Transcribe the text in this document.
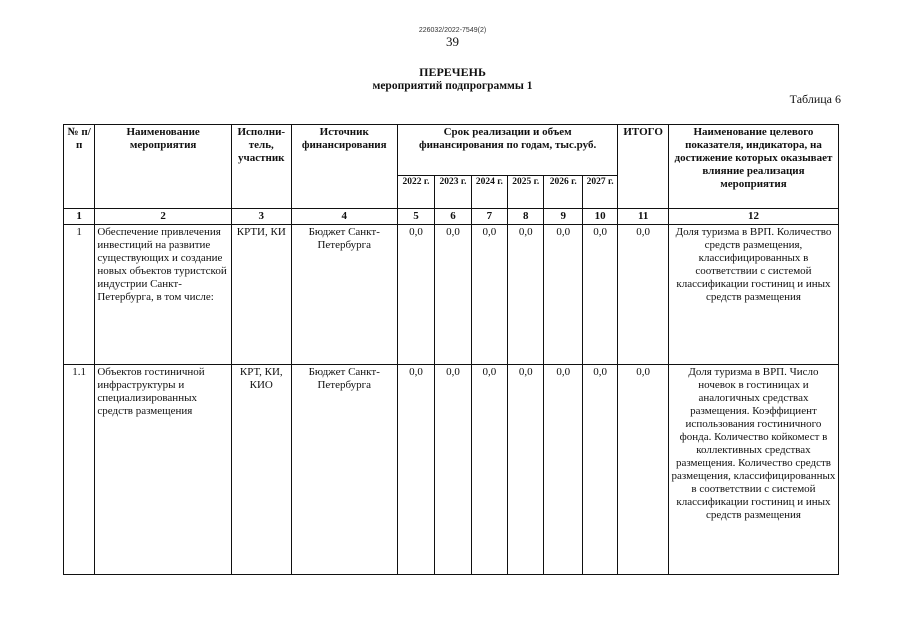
226032/2022-7549(2)
39
ПЕРЕЧЕНЬ
мероприятий подпрограммы 1
Таблица 6
№ п/п	Наименование мероприятия	Исполни-тель, участник	Источник финансирования	Срок реализации и объем финансирования по годам, тыс.руб.						ИТОГО	Наименование целевого показателя, индикатора, на достижение которых оказывает влияние реализация мероприятия
				2022 г.	2023 г.	2024 г.	2025 г.	2026 г.	2027 г.		
1	2	3	4	5	6	7	8	9	10	11	12
1	Обеспечение привлечения инвестиций на развитие существующих и создание новых объектов туристской индустрии Санкт-Петербурга, в том числе:	КРТИ, КИ	Бюджет Санкт-Петербурга	0,0	0,0	0,0	0,0	0,0	0,0	0,0	Доля туризма в ВРП. Количество средств размещения, классифицированных в соответствии с системой классификации гостиниц и иных средств размещения
1.1	Объектов гостиничной инфраструктуры и специализированных средств размещения	КРТ, КИ, КИО	Бюджет Санкт-Петербурга	0,0	0,0	0,0	0,0	0,0	0,0	0,0	Доля туризма в ВРП. Число ночевок в гостиницах и аналогичных средствах размещения. Коэффициент использования гостиничного фонда. Количество койкомест в коллективных средствах размещения. Количество средств размещения, классифицированных в соответствии с системой классификации гостиниц и иных средств размещения
